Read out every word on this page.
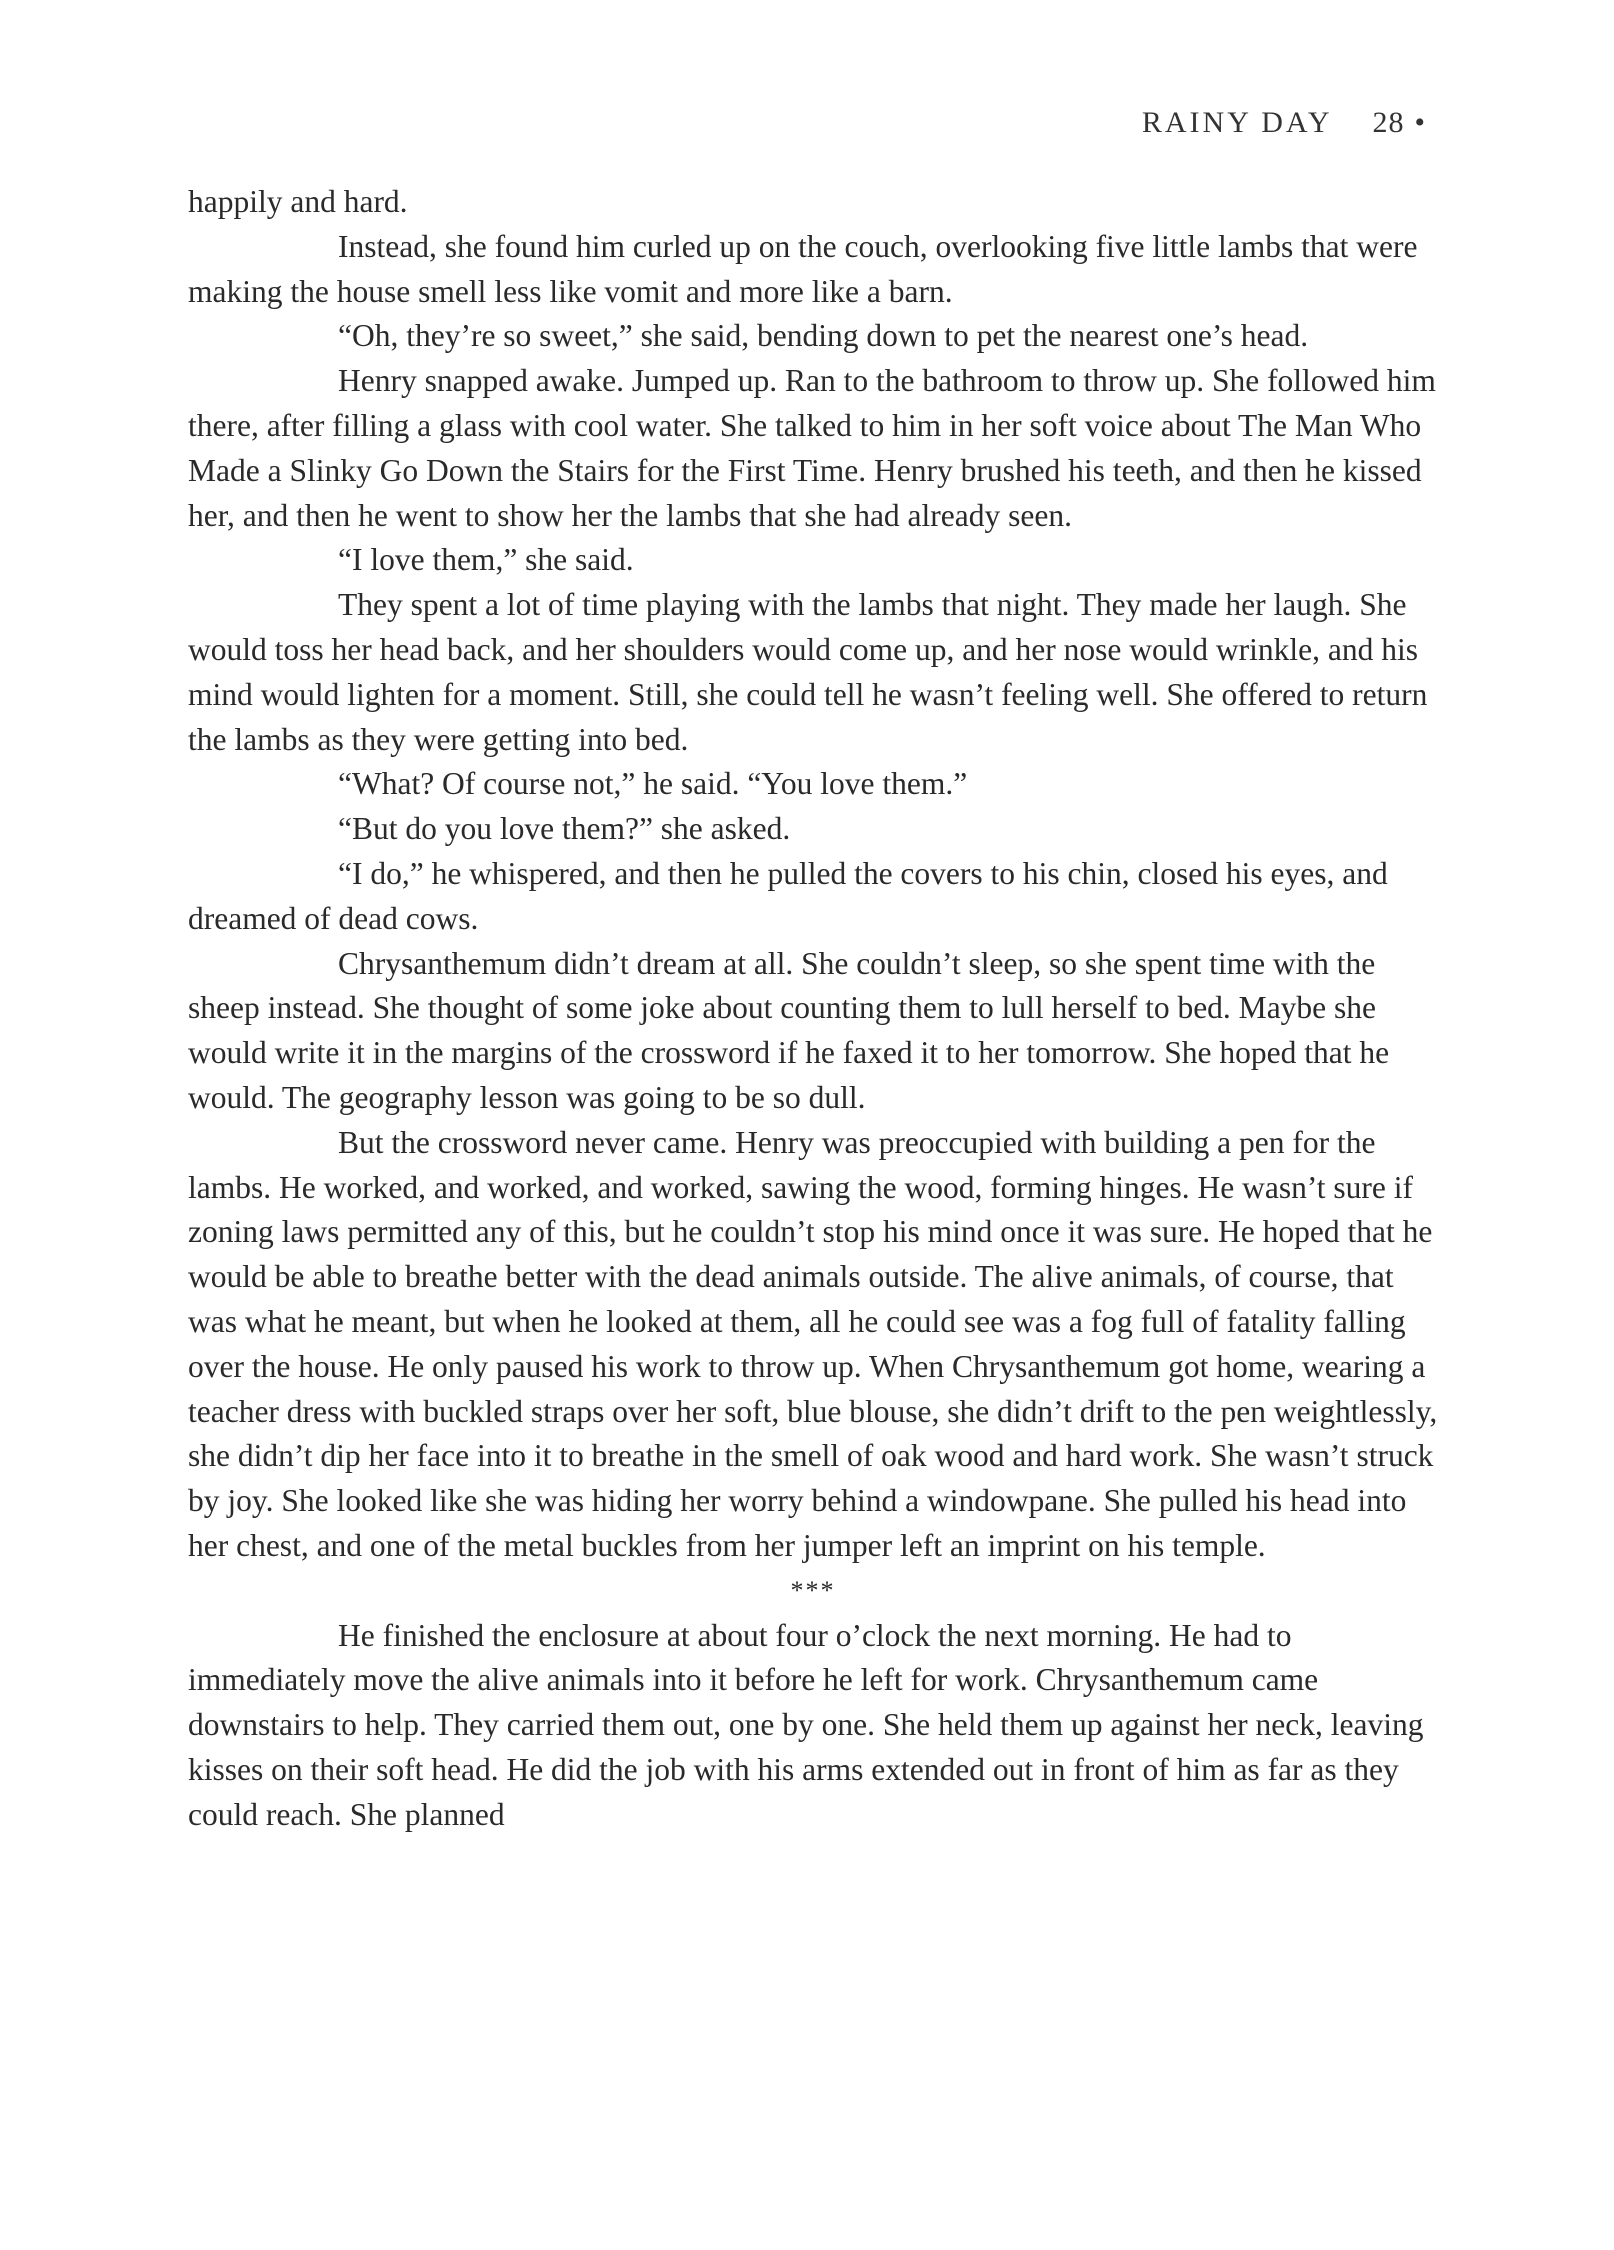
RAINY DAY 28 •

happily and hard.

Instead, she found him curled up on the couch, overlooking five little lambs that were making the house smell less like vomit and more like a barn.

“Oh, they’re so sweet,” she said, bending down to pet the nearest one’s head.

Henry snapped awake. Jumped up. Ran to the bathroom to throw up. She followed him there, after filling a glass with cool water. She talked to him in her soft voice about The Man Who Made a Slinky Go Down the Stairs for the First Time. Henry brushed his teeth, and then he kissed her, and then he went to show her the lambs that she had already seen.

“I love them,” she said.

They spent a lot of time playing with the lambs that night. They made her laugh. She would toss her head back, and her shoulders would come up, and her nose would wrinkle, and his mind would lighten for a moment. Still, she could tell he wasn’t feeling well. She offered to return the lambs as they were getting into bed.

“What? Of course not,” he said. “You love them.”

“But do you love them?” she asked.

“I do,” he whispered, and then he pulled the covers to his chin, closed his eyes, and dreamed of dead cows.

Chrysanthemum didn’t dream at all. She couldn’t sleep, so she spent time with the sheep instead. She thought of some joke about counting them to lull herself to bed. Maybe she would write it in the margins of the crossword if he faxed it to her tomorrow. She hoped that he would. The geography lesson was going to be so dull.

But the crossword never came. Henry was preoccupied with building a pen for the lambs. He worked, and worked, and worked, sawing the wood, forming hinges. He wasn’t sure if zoning laws permitted any of this, but he couldn’t stop his mind once it was sure. He hoped that he would be able to breathe better with the dead animals outside. The alive animals, of course, that was what he meant, but when he looked at them, all he could see was a fog full of fatality falling over the house. He only paused his work to throw up. When Chrysanthemum got home, wearing a teacher dress with buckled straps over her soft, blue blouse, she didn’t drift to the pen weightlessly, she didn’t dip her face into it to breathe in the smell of oak wood and hard work. She wasn’t struck by joy. She looked like she was hiding her worry behind a windowpane. She pulled his head into her chest, and one of the metal buckles from her jumper left an imprint on his temple.

***

He finished the enclosure at about four o’clock the next morning. He had to immediately move the alive animals into it before he left for work. Chrysanthemum came downstairs to help. They carried them out, one by one. She held them up against her neck, leaving kisses on their soft head. He did the job with his arms extended out in front of him as far as they could reach. She planned
